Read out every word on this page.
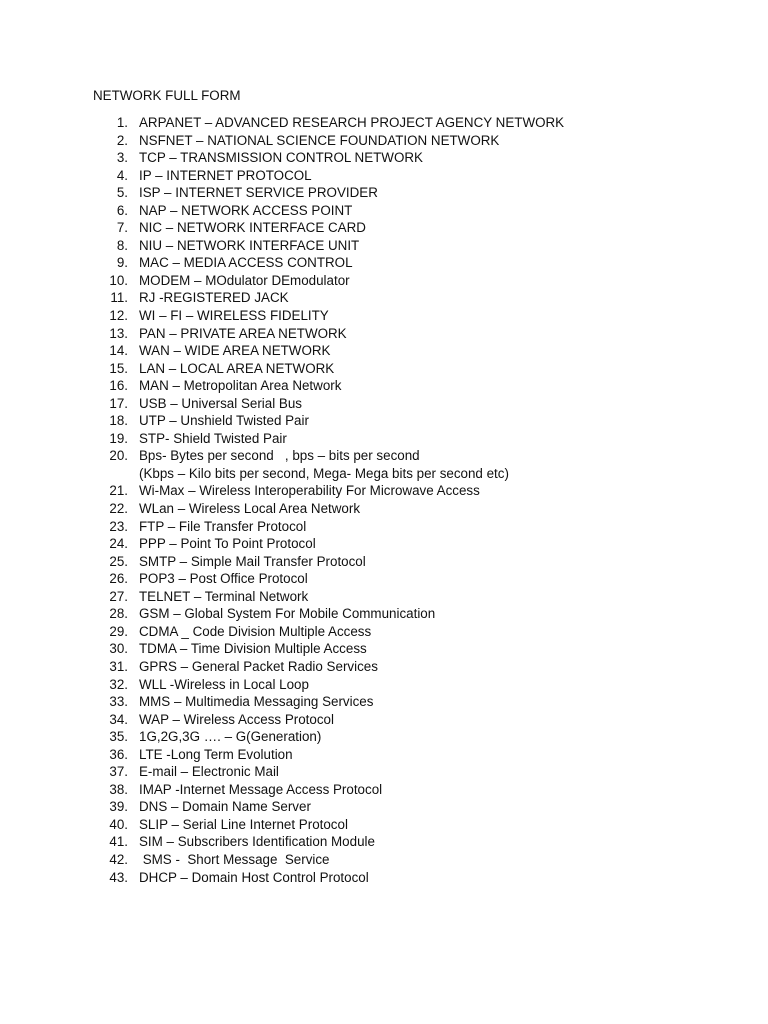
NETWORK FULL FORM
1. ARPANET – ADVANCED RESEARCH PROJECT AGENCY NETWORK
2. NSFNET – NATIONAL SCIENCE FOUNDATION NETWORK
3. TCP – TRANSMISSION CONTROL NETWORK
4. IP – INTERNET PROTOCOL
5. ISP – INTERNET SERVICE PROVIDER
6. NAP – NETWORK ACCESS POINT
7. NIC – NETWORK INTERFACE CARD
8. NIU – NETWORK INTERFACE UNIT
9. MAC – MEDIA ACCESS CONTROL
10. MODEM – MOdulator DEmodulator
11. RJ -REGISTERED JACK
12. WI – FI – WIRELESS FIDELITY
13. PAN – PRIVATE AREA NETWORK
14. WAN – WIDE AREA NETWORK
15. LAN – LOCAL AREA NETWORK
16. MAN – Metropolitan Area Network
17. USB – Universal Serial Bus
18. UTP – Unshield Twisted Pair
19. STP- Shield Twisted Pair
20. Bps- Bytes per second   , bps – bits per second
(Kbps – Kilo bits per second, Mega- Mega bits per second etc)
21. Wi-Max – Wireless Interoperability For Microwave Access
22. WLan – Wireless Local Area Network
23. FTP – File Transfer Protocol
24. PPP – Point To Point Protocol
25. SMTP – Simple Mail Transfer Protocol
26. POP3 – Post Office Protocol
27. TELNET – Terminal Network
28. GSM – Global System For Mobile Communication
29. CDMA _ Code Division Multiple Access
30. TDMA – Time Division Multiple Access
31. GPRS – General Packet Radio Services
32. WLL -Wireless in Local Loop
33. MMS – Multimedia Messaging Services
34. WAP – Wireless Access Protocol
35. 1G,2G,3G …. – G(Generation)
36. LTE -Long Term Evolution
37. E-mail – Electronic Mail
38. IMAP -Internet Message Access Protocol
39. DNS – Domain Name Server
40. SLIP – Serial Line Internet Protocol
41. SIM – Subscribers Identification Module
42. SMS -  Short Message  Service
43. DHCP – Domain Host Control Protocol
